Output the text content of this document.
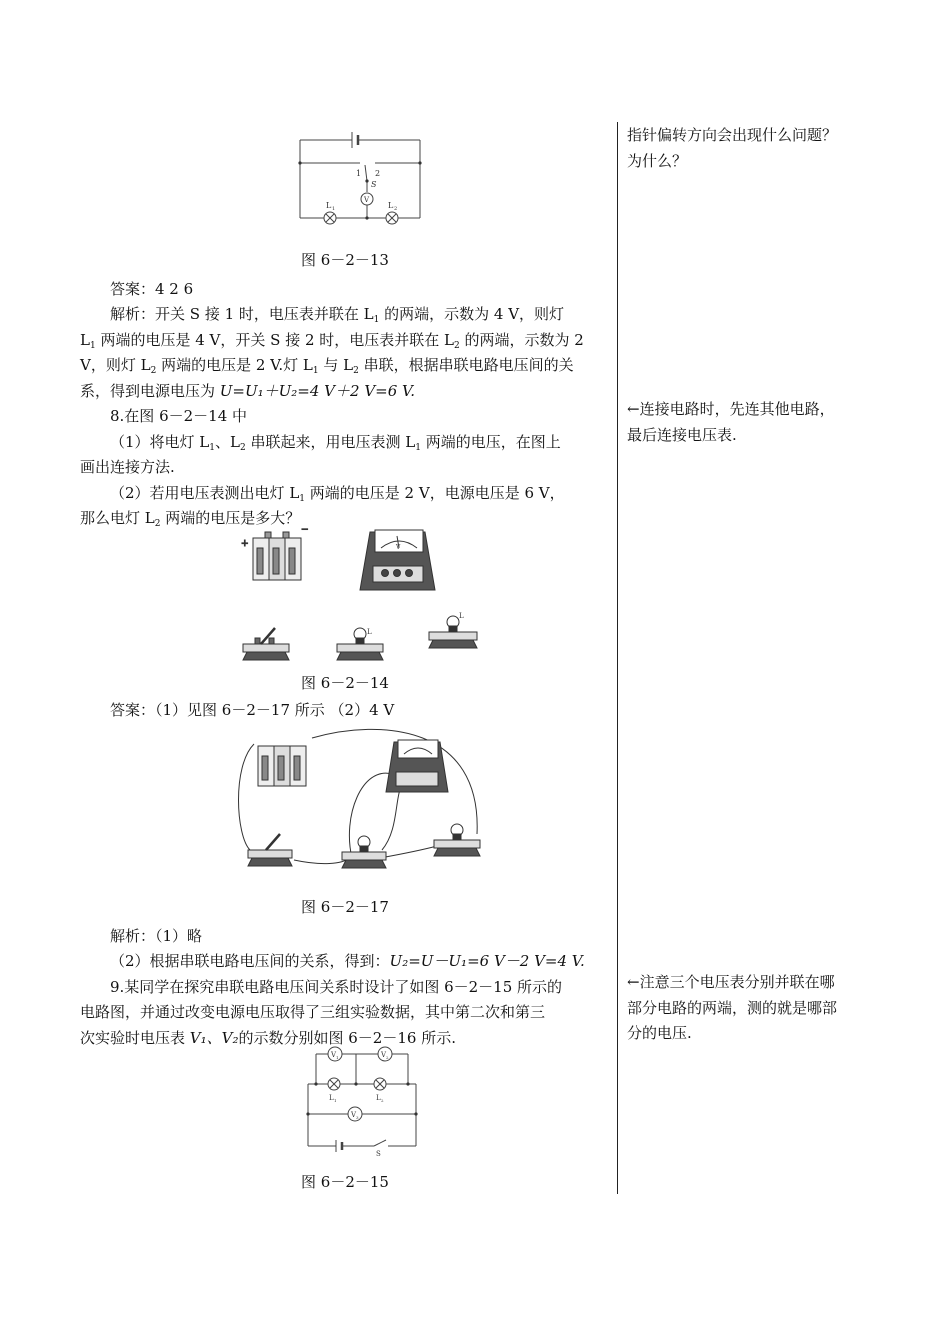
1 2
S
V
L 1	L 2

图 6－2－13

答案：4 2 6

解析：开关 S 接 1 时，电压表并联在 $L_1$ 的两端，示数为 4 V，则灯
$L_1$ 两端的电压是 4 V，开关 S 接 2 时，电压表并联在 $L_2$ 的两端，示数为 2
V，则灯 $L_2$ 两端的电压是 2 V.灯 $L_1$ 与 $L_2$ 串联，根据串联电路电压间的关
系，得到电源电压为 U=U₁＋U₂=4 V＋2 V=6 V.

8.在图 6－2－14 中

（1）将电灯 $L_1$、$L_2$ 串联起来，用电压表测 $L_1$ 两端的电压，在图上
画出连接方法.

（2）若用电压表测出电灯 $L_1$ 两端的电压是 2 V，电源电压是 6 V，
那么电灯 $L_2$ 两端的电压是多大？

+
−
V
L
L

图 6－2－14

答案：（1）见图 6－2－17 所示 （2）4 V

图 6－2－17

解析：（1）略

（2）根据串联电路电压间的关系，得到：U₂=U－U₁=6 V－2 V=4 V.

9.某同学在探究串联电路电压间关系时设计了如图 6－2－15 所示的
电路图，并通过改变电源电压取得了三组实验数据，其中第二次和第三
次实验时电压表 V₁、V₂的示数分别如图 6－2－16 所示.

V 1	V 2
V 3
L 1	L 2
S

图 6－2－15

指针偏转方向会出现什么问题？

为什么？

←连接电路时，先连其他电路，

最后连接电压表.

←注意三个电压表分别并联在哪

部分电路的两端，测的就是哪部

分的电压.
